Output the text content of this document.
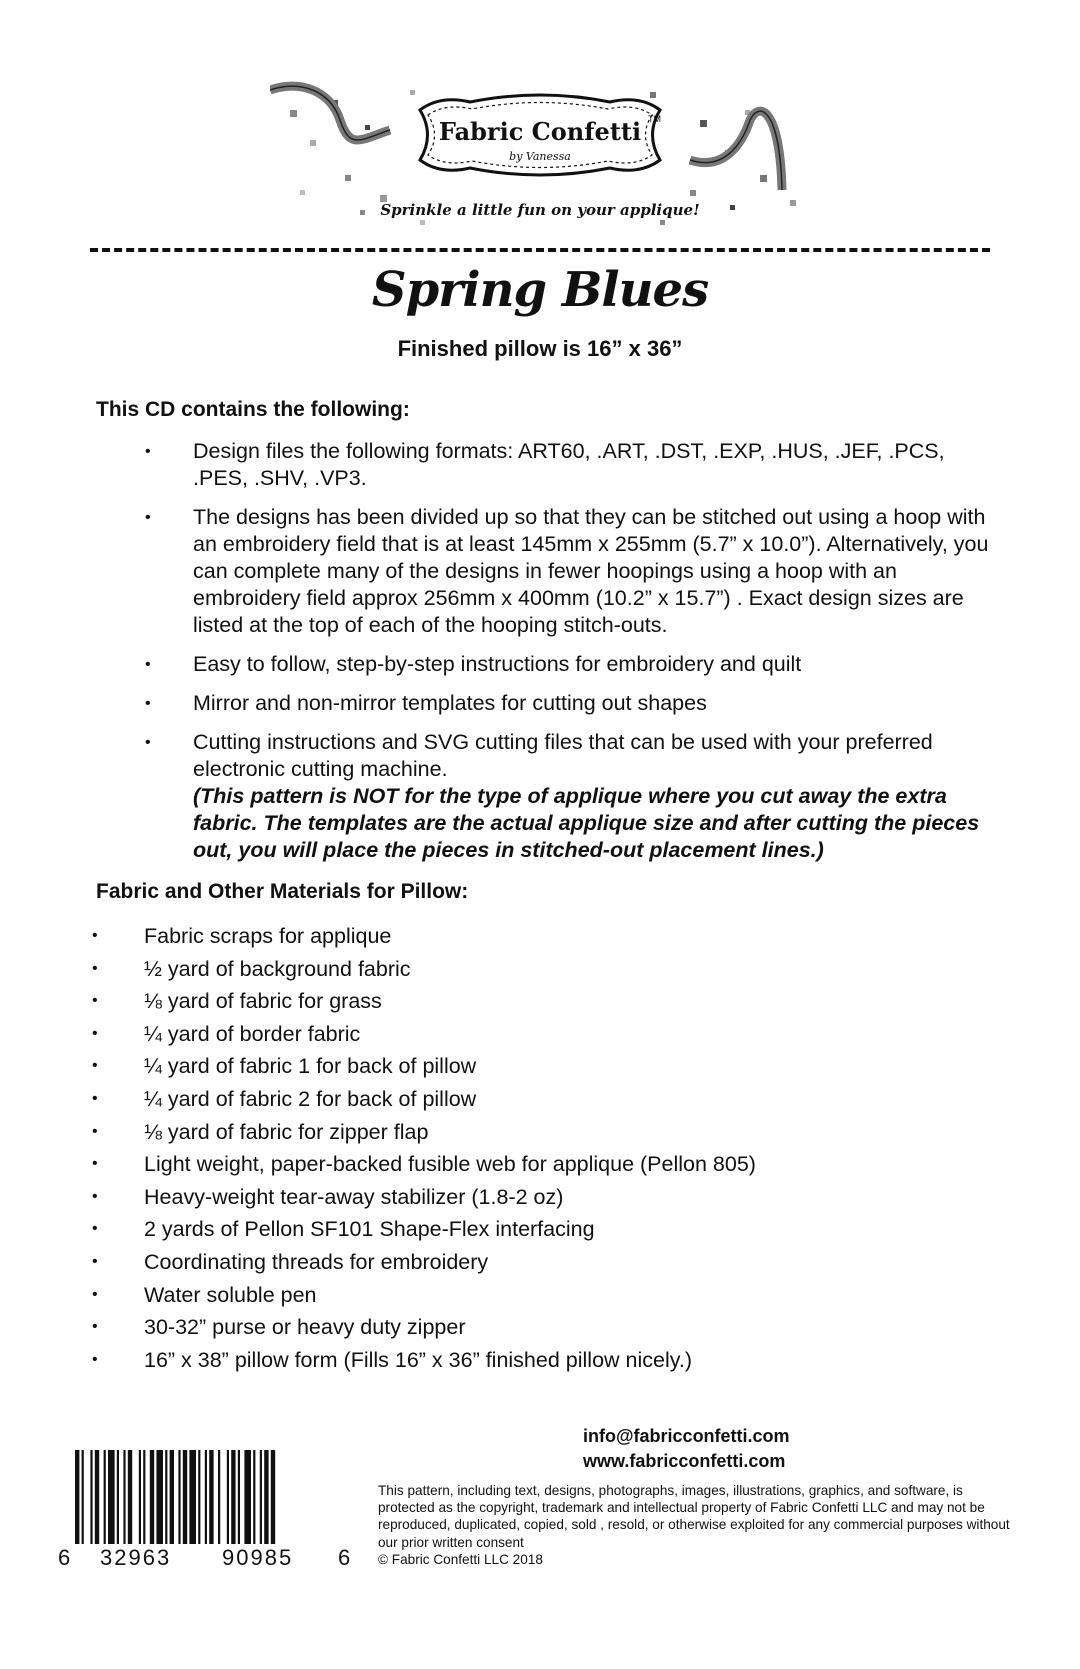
Fabric Confetti TM
by Vanessa
Sprinkle a little fun on your applique!
Spring Blues
Finished pillow is 16” x 36”
This CD contains the following:
• Design files the following formats: ART60, .ART, .DST, .EXP, .HUS, .JEF, .PCS, .PES, .SHV, .VP3.
• The designs has been divided up so that they can be stitched out using a hoop with an embroidery field that is at least 145mm x 255mm (5.7” x 10.0”). Alternatively, you can complete many of the designs in fewer hoopings using a hoop with an embroidery field approx 256mm x 400mm (10.2” x 15.7”) . Exact design sizes are listed at the top of each of the hooping stitch-outs.
• Easy to follow, step-by-step instructions for embroidery and quilt
• Mirror and non-mirror templates for cutting out shapes
• Cutting instructions and SVG cutting files that can be used with your preferred electronic cutting machine.
(This pattern is NOT for the type of applique where you cut away the extra fabric. The templates are the actual applique size and after cutting the pieces out, you will place the pieces in stitched-out placement lines.)
Fabric and Other Materials for Pillow:
• Fabric scraps for applique
• ½ yard of background fabric
• ⅛ yard of fabric for grass
• ¼ yard of border fabric
• ¼ yard of fabric 1 for back of pillow
• ¼ yard of fabric 2 for back of pillow
• ⅛ yard of fabric for zipper flap
• Light weight, paper-backed fusible web for applique (Pellon 805)
• Heavy-weight tear-away stabilizer (1.8-2 oz)
• 2 yards of Pellon SF101 Shape-Flex interfacing
• Coordinating threads for embroidery
• Water soluble pen
• 30-32” purse or heavy duty zipper
• 16” x 38” pillow form (Fills 16” x 36” finished pillow nicely.)
info@fabricconfetti.com
www.fabricconfetti.com
This pattern, including text, designs, photographs, images, illustrations, graphics, and software, is protected as the copyright, trademark and intellectual property of Fabric Confetti LLC and may not be reproduced, duplicated, copied, sold , resold, or otherwise exploited for any commercial purposes without our prior written consent
© Fabric Confetti LLC 2018
6 32963 90985 6
